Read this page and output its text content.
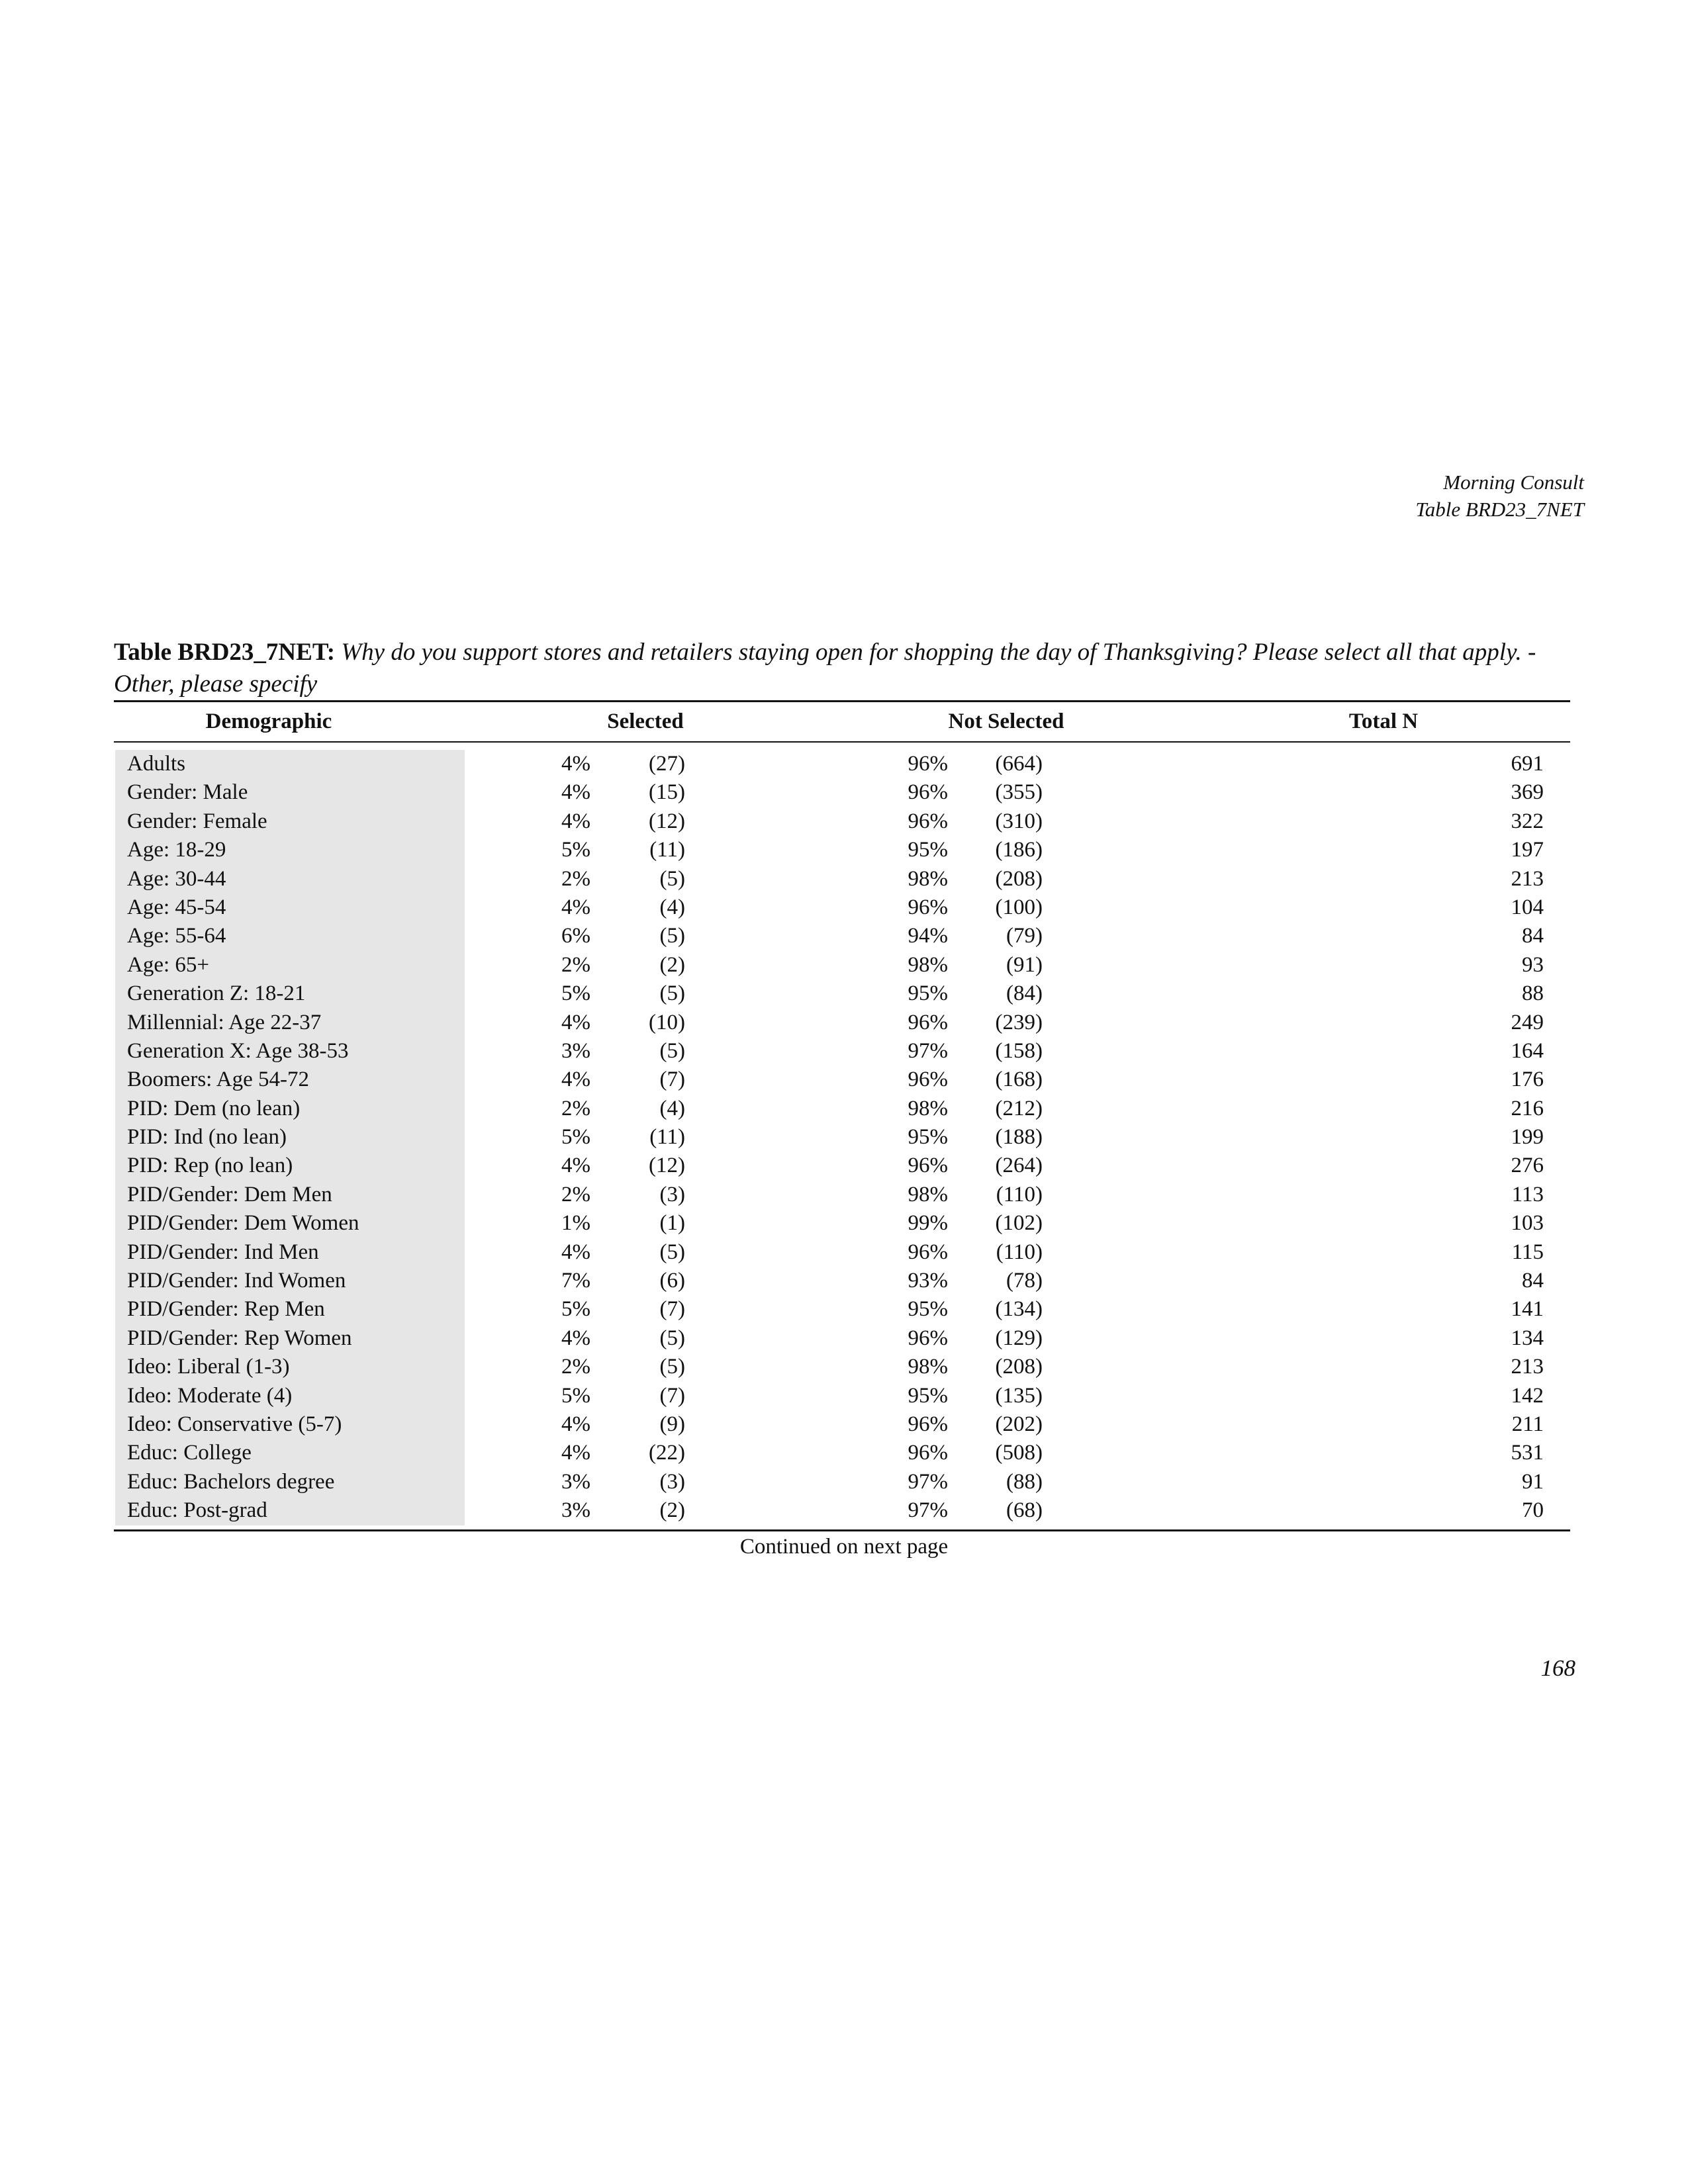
Morning Consult
Table BRD23_7NET
Table BRD23_7NET: Why do you support stores and retailers staying open for shopping the day of Thanksgiving? Please select all that apply. - Other, please specify
Demographic	Selected	Not Selected	Total N
Adults	4%	(27)	96% (664)	691
Gender: Male	4%	(15)	96% (355)	369
Gender: Female	4%	(12)	96% (310)	322
Age: 18-29	5%	(11)	95% (186)	197
Age: 30-44	2%	(5)	98% (208)	213
Age: 45-54	4%	(4)	96% (100)	104
Age: 55-64	6%	(5)	94%	(79)	84
Age: 65+	2%	(2)	98%	(91)	93
Generation Z: 18-21	5%	(5)	95%	(84)	88
Millennial: Age 22-37	4%	(10)	96% (239)	249
Generation X: Age 38-53	3%	(5)	97% (158)	164
Boomers: Age 54-72	4%	(7)	96% (168)	176
PID: Dem (no lean)	2%	(4)	98% (212)	216
PID: Ind (no lean)	5%	(11)	95% (188)	199
PID: Rep (no lean)	4%	(12)	96% (264)	276
PID/Gender: Dem Men	2%	(3)	98% (110)	113
PID/Gender: Dem Women	1%	(1)	99% (102)	103
PID/Gender: Ind Men	4%	(5)	96% (110)	115
PID/Gender: Ind Women	7%	(6)	93%	(78)	84
PID/Gender: Rep Men	5%	(7)	95% (134)	141
PID/Gender: Rep Women	4%	(5)	96% (129)	134
Ideo: Liberal (1-3)	2%	(5)	98% (208)	213
Ideo: Moderate (4)	5%	(7)	95% (135)	142
Ideo: Conservative (5-7)	4%	(9)	96% (202)	211
Educ: College	4%	(22)	96% (508)	531
Educ: Bachelors degree	3%	(3)	97%	(88)	91
Educ: Post-grad	3%	(2)	97%	(68)	70
Continued on next page
168
